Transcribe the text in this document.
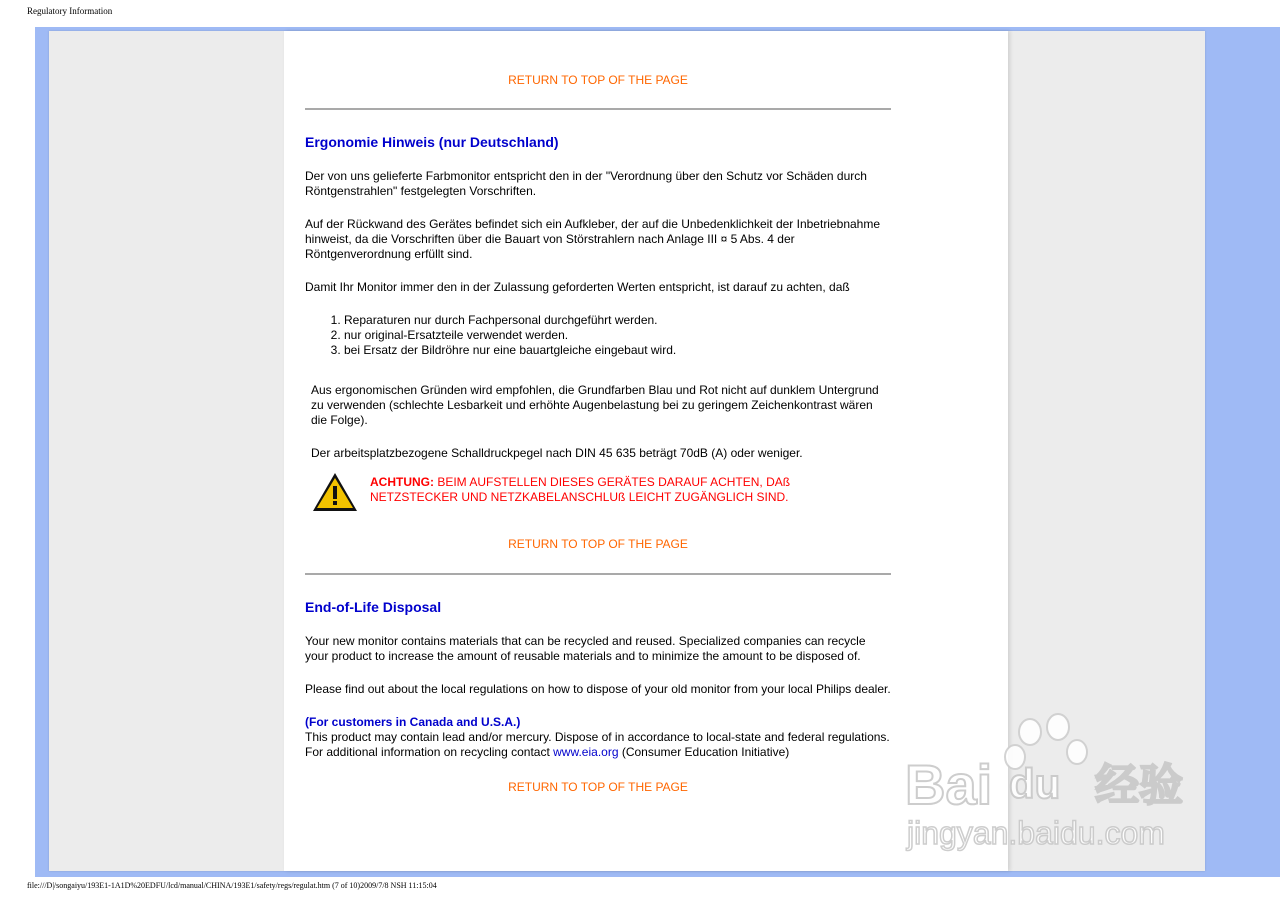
Regulatory Information
RETURN TO TOP OF THE PAGE
Ergonomie Hinweis (nur Deutschland)

Der von uns gelieferte Farbmonitor entspricht den in der "Verordnung über den Schutz vor Schäden durch Röntgenstrahlen" festgelegten Vorschriften.

Auf der Rückwand des Gerätes befindet sich ein Aufkleber, der auf die Unbedenklichkeit der Inbetriebnahme hinweist, da die Vorschriften über die Bauart von Störstrahlern nach Anlage III ¤ 5 Abs. 4 der Röntgenverordnung erfüllt sind.

Damit Ihr Monitor immer den in der Zulassung geforderten Werten entspricht, ist darauf zu achten, daß

1. Reparaturen nur durch Fachpersonal durchgeführt werden.
2. nur original-Ersatzteile verwendet werden.
3. bei Ersatz der Bildröhre nur eine bauartgleiche eingebaut wird.

Aus ergonomischen Gründen wird empfohlen, die Grundfarben Blau und Rot nicht auf dunklem Untergrund zu verwenden (schlechte Lesbarkeit und erhöhte Augenbelastung bei zu geringem Zeichenkontrast wären die Folge).

Der arbeitsplatzbezogene Schalldruckpegel nach DIN 45 635 beträgt 70dB (A) oder weniger.

ACHTUNG: BEIM AUFSTELLEN DIESES GERÄTES DARAUF ACHTEN, DAß NETZSTECKER UND NETZKABELANSCHLUß LEICHT ZUGÄNGLICH SIND.
RETURN TO TOP OF THE PAGE
End-of-Life Disposal

Your new monitor contains materials that can be recycled and reused. Specialized companies can recycle your product to increase the amount of reusable materials and to minimize the amount to be disposed of.

Please find out about the local regulations on how to dispose of your old monitor from your local Philips dealer.

(For customers in Canada and U.S.A.)
This product may contain lead and/or mercury. Dispose of in accordance to local-state and federal regulations.
For additional information on recycling contact www.eia.org (Consumer Education Initiative)

RETURN TO TOP OF THE PAGE	Bai du 经验
jingyan.baidu.com
file:///D|/songaiyu/193E1-1A1D%20EDFU/lcd/manual/CHINA/193E1/safety/regs/regulat.htm (7 of 10)2009/7/8 NSH 11:15:04
